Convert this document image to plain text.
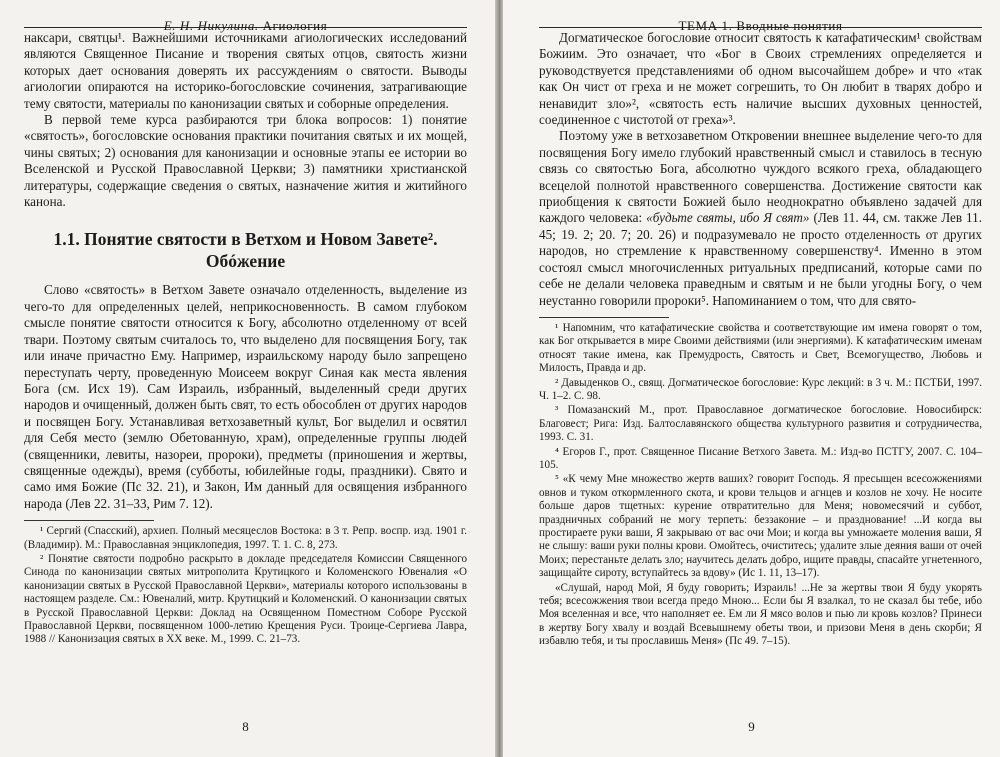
Е. Н. Никулина. Агиология

наксари, святцы¹. Важнейшими источниками агиологических исследований являются Священное Писание и творения святых отцов, святость жизни которых дает основания доверять их рассуждениям о святости. Выводы агиологии опираются на историко-богословские сочинения, затрагивающие тему святости, материалы по канонизации святых и соборные определения.

В первой теме курса разбираются три блока вопросов: 1) понятие «святость», богословские основания практики почитания святых и их мощей, чины святых; 2) основания для канонизации и основные этапы ее истории во Вселенской и Русской Православной Церкви; 3) памятники христианской литературы, содержащие сведения о святых, назначение жития и житийного канона.

1.1. Понятие святости в Ветхом и Новом Завете². Обóжение

Слово «святость» в Ветхом Завете означало отделенность, выделение из чего-то для определенных целей, неприкосновенность. В самом глубоком смысле понятие святости относится к Богу, абсолютно отделенному от всей твари. Поэтому святым считалось то, что выделено для посвящения Богу, так или иначе причастно Ему. Например, израильскому народу было запрещено переступать черту, проведенную Моисеем вокруг Синая как места явления Бога (см. Исх 19). Сам Израиль, избранный, выделенный среди других народов и очищенный, должен быть свят, то есть обособлен от других народов и посвящен Богу. Устанавливая ветхозаветный культ, Бог выделил и освятил для Себя место (землю Обетованную, храм), определенные группы людей (священники, левиты, назореи, пророки), предметы (приношения и жертвы, священные одежды), время (субботы, юбилейные годы, праздники). Свято и само имя Божие (Пс 32. 21), и Закон, Им данный для освящения избранного народа (Лев 22. 31–33, Рим 7. 12).

¹ Сергий (Спасский), архиеп. Полный месяцеслов Востока: в 3 т. Репр. воспр. изд. 1901 г. (Владимир). М.: Православная энциклопедия, 1997. Т. 1. С. 8, 273.

² Понятие святости подробно раскрыто в докладе председателя Комиссии Священного Синода по канонизации святых митрополита Крутицкого и Коломенского Ювеналия «О канонизации святых в Русской Православной Церкви», материалы которого использованы в настоящем разделе. См.: Ювеналий, митр. Крутицкий и Коломенский. О канонизации святых в Русской Православной Церкви: Доклад на Освященном Поместном Соборе Русской Православной Церкви, посвященном 1000-летию Крещения Руси. Троице-Сергиева Лавра, 1988 // Канонизация святых в XX веке. М., 1999. С. 21–73.

8
ТЕМА 1. Вводные понятия

Догматическое богословие относит святость к катафатическим¹ свойствам Божиим. Это означает, что «Бог в Своих стремлениях определяется и руководствуется представлениями об одном высочайшем добре» и что «так как Он чист от греха и не может согрешить, то Он любит в тварях добро и ненавидит зло»², «святость есть наличие высших духовных ценностей, соединенное с чистотой от греха»³.

Поэтому уже в ветхозаветном Откровении внешнее выделение чего-то для посвящения Богу имело глубокий нравственный смысл и ставилось в тесную связь со святостью Бога, абсолютно чуждого всякого греха, обладающего всецелой полнотой нравственного совершенства. Достижение святости как приобщения к святости Божией было неоднократно объявлено задачей для каждого человека: «будьте святы, ибо Я свят» (Лев 11. 44, см. также Лев 11. 45; 19. 2; 20. 7; 20. 26) и подразумевало не просто отделенность от других народов, но стремление к нравственному совершенству⁴. Именно в этом состоял смысл многочисленных ритуальных предписаний, которые сами по себе не делали человека праведным и святым и не были угодны Богу, о чем неустанно говорили пророки⁵. Напоминанием о том, что для свято-

¹ Напомним, что катафатические свойства и соответствующие им имена говорят о том, как Бог открывается в мире Своими действиями (или энергиями). К катафатическим именам относят такие имена, как Премудрость, Святость и Свет, Всемогущество, Любовь и Милость, Правда и др.

² Давыденков О., свящ. Догматическое богословие: Курс лекций: в 3 ч. М.: ПСТБИ, 1997. Ч. 1–2. С. 98.

³ Помазанский М., прот. Православное догматическое богословие. Новосибирск: Благовест; Рига: Изд. Балтославянского общества культурного развития и сотрудничества, 1993. С. 31.

⁴ Егоров Г., прот. Священное Писание Ветхого Завета. М.: Изд-во ПСТГУ, 2007. С. 104–105.

⁵ «К чему Мне множество жертв ваших? говорит Господь. Я пресыщен всесожжениями овнов и туком откормленного скота, и крови тельцов и агнцев и козлов не хочу. Не носите больше даров тщетных: курение отвратительно для Меня; новомесячий и суббот, праздничных собраний не могу терпеть: беззаконие – и празднование! ...И когда вы простираете руки ваши, Я закрываю от вас очи Мои; и когда вы умножаете моления ваши, Я не слышу: ваши руки полны крови. Омойтесь, очиститесь; удалите злые деяния ваши от очей Моих; перестаньте делать зло; научитесь делать добро, ищите правды, спасайте угнетенного, защищайте сироту, вступайтесь за вдову» (Ис 1. 11, 13–17).

«Слушай, народ Мой, Я буду говорить; Израиль! ...Не за жертвы твои Я буду укорять тебя; всесожжения твои всегда предо Мною... Если бы Я взалкал, то не сказал бы тебе, ибо Моя вселенная и все, что наполняет ее. Ем ли Я мясо волов и пью ли кровь козлов? Принеси в жертву Богу хвалу и воздай Всевышнему обеты твои, и призови Меня в день скорби; Я избавлю тебя, и ты прославишь Меня» (Пс 49. 7–15).

9
